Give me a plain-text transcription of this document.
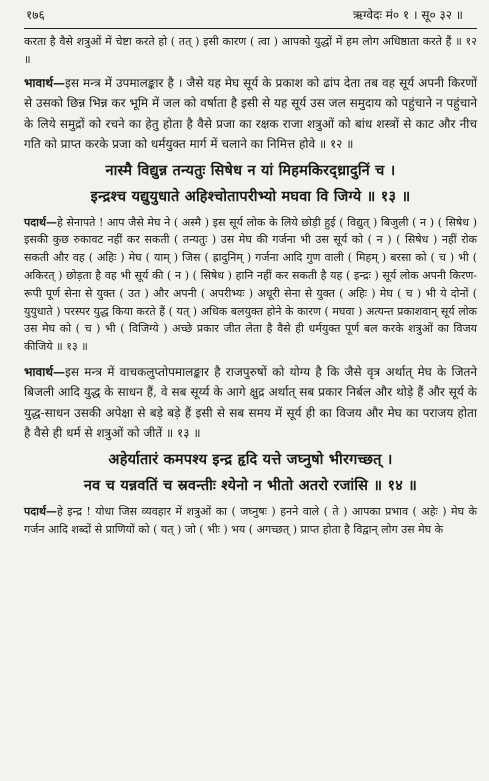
१७६	ऋग्वेदः मं० १ । सू० ३२ ॥

करता है वैसे शत्रुओं में चेष्टा करते हो ( तत् ) इसी कारण ( त्वा ) आपको युद्धों में हम लोग अधिष्ठाता करते हैं ॥ १२ ॥

भावार्थ—इस मन्त्र में उपमालङ्कार है । जैसे यह मेघ सूर्य के प्रकाश को ढांप देता तब वह सूर्य अपनी किरणों से उसको छिन्न भिन्न कर भूमि में जल को वर्षाता है इसी से यह सूर्य उस जल समुदाय को पहुंचाने न पहुंचाने के लिये समुद्रों को रचने का हेतु होता है वैसे प्रजा का रक्षक राजा शत्रुओं को बांध शस्त्रों से काट और नीच गति को प्राप्त करके प्रजा को धर्मयुक्त मार्ग में चलाने का निमित्त होवे ॥ १२ ॥

नास्मै विद्युन्न तन्यतुः सिषेध न यां मिहमकिरद्ध्रादुनिं च ।
इन्द्रश्च यद्युयुधाते अहिश्चोतापरीभ्यो मघवा वि जिग्ये ॥ १३ ॥

पदार्थ—हे सेनापते ! आप जैसे मेघ ने ( अस्मै ) इस सूर्य लोक के लिये छोड़ी हुई ( विद्युत् ) बिजुली ( न ) ( सिषेध ) इसकी कुछ रुकावट नहीं कर सकती ( तन्यतुः ) उस मेघ की गर्जना भी उस सूर्य को ( न ) ( सिषेध ) नहीं रोक सकती और वह ( अहिः ) मेघ ( याम् ) जिस ( ह्रादुनिम् ) गर्जना आदि गुण वाली ( मिहम् ) बरसा को ( च ) भी ( अकिरत् ) छोड़ता है वह भी सूर्य की ( न ) ( सिषेध ) हानि नहीं कर सकती है यह ( इन्द्रः ) सूर्य लोक अपनी किरण-रूपी पूर्ण सेना से युक्त ( उत ) और अपनी ( अपरीभ्यः ) अधूरी सेना से युक्त ( अहिः ) मेघ ( च ) भी ये दोनों ( युयुधाते ) परस्पर युद्ध किया करते हैं ( यत् ) अधिक बलयुक्त होने के कारण ( मघवा ) अत्यन्त प्रकाशवान् सूर्य लोक उस मेघ को ( च ) भी ( विजिग्ये ) अच्छे प्रकार जीत लेता है वैसे ही धर्मयुक्त पूर्ण बल करके शत्रुओं का विजय कीजिये ॥ १३ ॥

भावार्थ—इस मन्त्र में वाचकलुप्तोपमालङ्कार है राजपुरुषों को योग्य है कि जैसे वृत्र अर्थात् मेघ के जितने बिजली आदि युद्ध के साधन हैं, वे सब सूर्य्य के आगे क्षुद्र अर्थात् सब प्रकार निर्बल और थोड़े हैं और सूर्य के युद्ध-साधन उसकी अपेक्षा से बड़े बड़े हैं इसी से सब समय में सूर्य ही का विजय और मेघ का पराजय होता है वैसे ही धर्म से शत्रुओं को जीतें ॥ १३ ॥

अहेर्यातारं कमपश्य इन्द्र हृदि यत्ते जघ्नुषो भीरगच्छत् ।
नव च यन्नवतिं च स्रवन्तीः श्येनो न भीतो अतरो रजांसि ॥ १४ ॥

पदार्थ—हे इन्द्र ! योधा जिस व्यवहार में शत्रुओं का ( जघ्नुषः ) हनने वाले ( ते ) आपका प्रभाव ( अहेः ) मेघ के गर्जन आदि शब्दों से प्राणियों को ( यत् ) जो ( भीः ) भय ( अगच्छत् ) प्राप्त होता है विद्वान् लोग उस मेघ के
